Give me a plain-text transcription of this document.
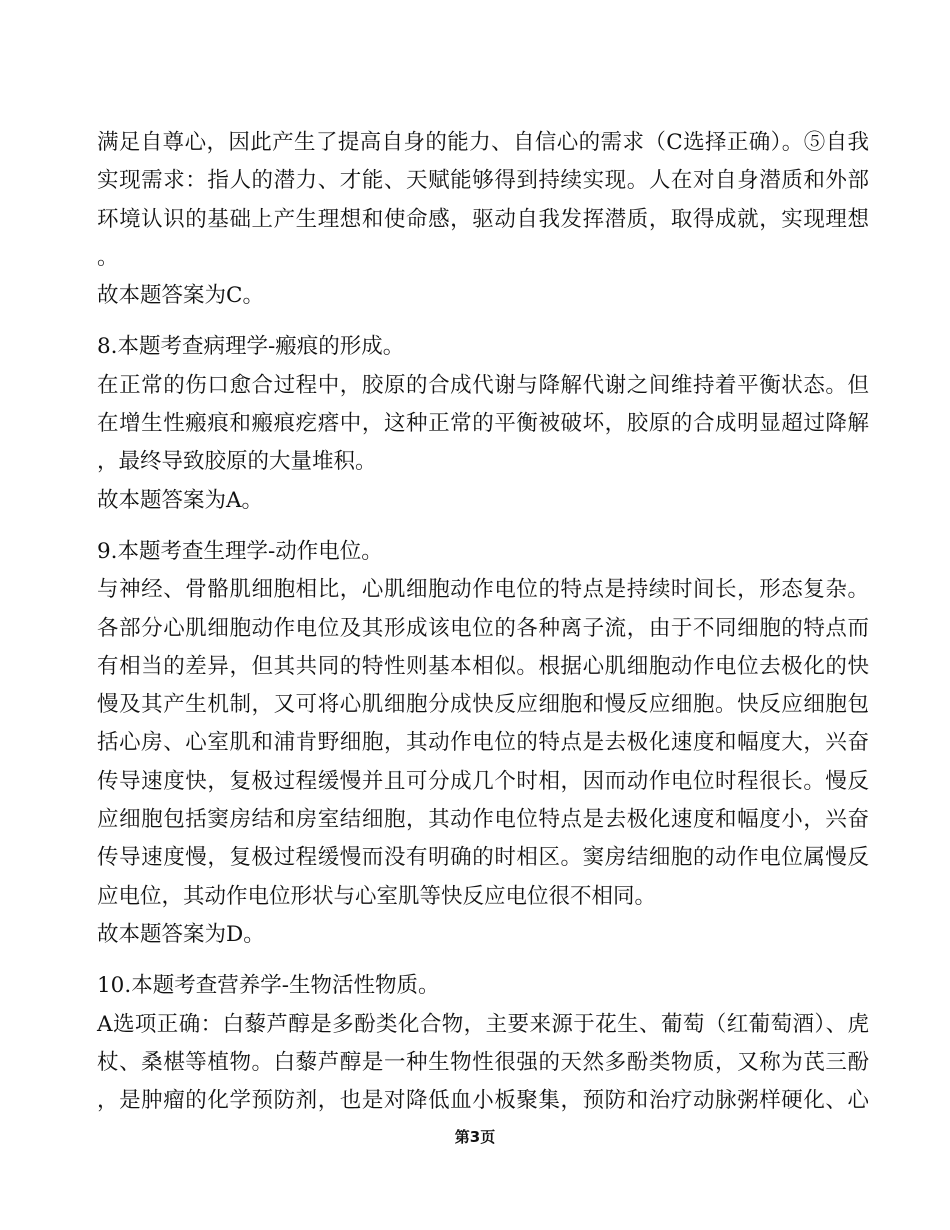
满足自尊心，因此产生了提高自身的能力、自信心的需求（C选择正确）。⑤自我
实现需求：指人的潜力、才能、天赋能够得到持续实现。人在对自身潜质和外部
环境认识的基础上产生理想和使命感，驱动自我发挥潜质，取得成就，实现理想
。
故本题答案为C。
8.本题考查病理学-瘢痕的形成。
在正常的伤口愈合过程中，胶原的合成代谢与降解代谢之间维持着平衡状态。但
在增生性瘢痕和瘢痕疙瘩中，这种正常的平衡被破坏，胶原的合成明显超过降解
，最终导致胶原的大量堆积。
故本题答案为A。
9.本题考查生理学-动作电位。
与神经、骨骼肌细胞相比，心肌细胞动作电位的特点是持续时间长，形态复杂。
各部分心肌细胞动作电位及其形成该电位的各种离子流，由于不同细胞的特点而
有相当的差异，但其共同的特性则基本相似。根据心肌细胞动作电位去极化的快
慢及其产生机制，又可将心肌细胞分成快反应细胞和慢反应细胞。快反应细胞包
括心房、心室肌和浦肯野细胞，其动作电位的特点是去极化速度和幅度大，兴奋
传导速度快，复极过程缓慢并且可分成几个时相，因而动作电位时程很长。慢反
应细胞包括窦房结和房室结细胞，其动作电位特点是去极化速度和幅度小，兴奋
传导速度慢，复极过程缓慢而没有明确的时相区。窦房结细胞的动作电位属慢反
应电位，其动作电位形状与心室肌等快反应电位很不相同。
故本题答案为D。
10.本题考查营养学-生物活性物质。
A选项正确：白藜芦醇是多酚类化合物，主要来源于花生、葡萄（红葡萄酒）、虎
杖、桑椹等植物。白藜芦醇是一种生物性很强的天然多酚类物质，又称为芪三酚
，是肿瘤的化学预防剂，也是对降低血小板聚集，预防和治疗动脉粥样硬化、心
第3页
